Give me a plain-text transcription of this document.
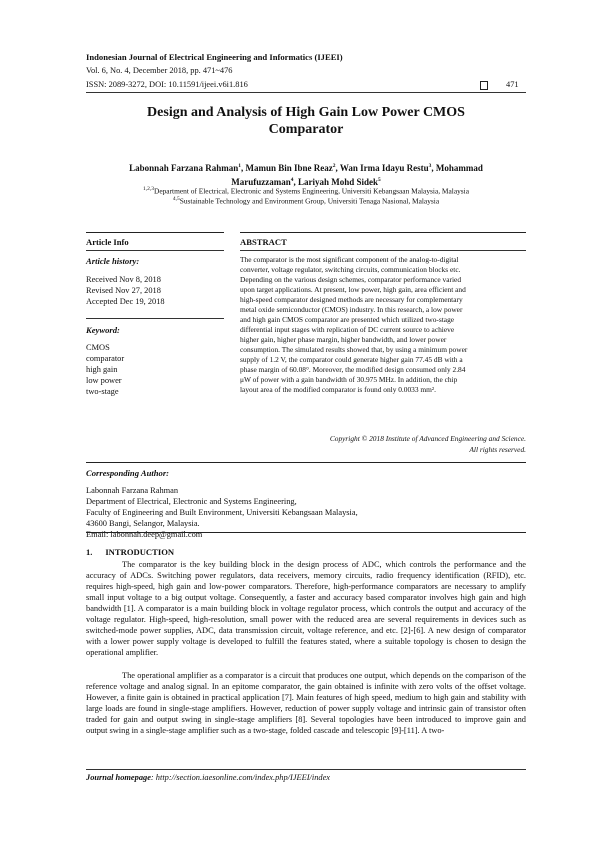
Indonesian Journal of Electrical Engineering and Informatics (IJEEI)
Vol. 6, No. 4, December 2018, pp. 471~476
ISSN: 2089-3272, DOI: 10.11591/ijeei.v6i1.816	471
Design and Analysis of High Gain Low Power CMOS
Comparator
Labonnah Farzana Rahman$^1$, Mamun Bin Ibne Reaz$^2$, Wan Irma Idayu Restu$^3$, Mohammad
Marufuzzaman$^4$, Lariyah Mohd Sidek$^5$
$^{1,2,3}$Department of Electrical, Electronic and Systems Engineering, Universiti Kebangsaan Malaysia, Malaysia
$^{4,5}$Sustainable Technology and Environment Group, Universiti Tenaga Nasional, Malaysia
Article Info	ABSTRACT
Article history:
Received Nov 8, 2018
Revised Nov 27, 2018
Accepted Dec 19, 2018
Keyword:
CMOS
comparator
high gain
low power
two-stage
The comparator is the most significant component of the analog-to-digital
converter, voltage regulator, switching circuits, communication blocks etc.
Depending on the various design schemes, comparator performance varied
upon target applications. At present, low power, high gain, area efficient and
high-speed comparator designed methods are necessary for complementary
metal oxide semiconductor (CMOS) industry. In this research, a low power
and high gain CMOS comparator are presented which utilized two-stage
differential input stages with replication of DC current source to achieve
higher gain, higher phase margin, higher bandwidth, and lower power
consumption. The simulated results showed that, by using a minimum power
supply of 1.2 V, the comparator could generate higher gain 77.45 dB with a
phase margin of 60.08°. Moreover, the modified design consumed only 2.84
μW of power with a gain bandwidth of 30.975 MHz. In addition, the chip
layout area of the modified comparator is found only 0.0033 mm².
Copyright © 2018 Institute of Advanced Engineering and Science.
All rights reserved.
Corresponding Author:
Labonnah Farzana Rahman
Department of Electrical, Electronic and Systems Engineering,
Faculty of Engineering and Built Environment, Universiti Kebangsaan Malaysia,
43600 Bangi, Selangor, Malaysia.
Email: labonnah.deep@gmail.com
1.      INTRODUCTION
The comparator is the key building block in the design process of ADC, which controls the performance and the accuracy of ADCs. Switching power regulators, data receivers, memory circuits, radio frequency identification (RFID), etc. requires high-speed, high gain and low-power comparators. Therefore, high-performance comparators are necessary to amplify small input voltage to a big output voltage. Consequently, a faster and accuracy based comparator involves high gain and high bandwidth [1]. A comparator is a main building block in voltage regulator process, which controls the output and accuracy of the voltage regulator. High-speed, high-resolution, small power with the reduced area are several requirements in devices such as switched-mode power supplies, ADC, data transmission circuit, voltage reference, and etc. [2]-[6]. A new design of comparator with a lower power supply voltage is developed to fulfill the features stated, where a suitable topology is chosen to design the operational amplifier.
The operational amplifier as a comparator is a circuit that produces one output, which depends on the comparison of the reference voltage and analog signal. In an epitome comparator, the gain obtained is infinite with zero volts of the offset voltage. However, a finite gain is obtained in practical application [7]. Main features of high speed, medium to high gain and stability with large loads are found in single-stage amplifiers. However, reduction of power supply voltage and intrinsic gain of transistor often traded for gain and output swing in single-stage amplifiers [8]. Several topologies have been introduced to improve gain and output swing in a single-stage amplifier such as a two-stage, folded cascade and telescopic [9]-[11]. A two-
Journal homepage: http://section.iaesonline.com/index.php/IJEEI/index
